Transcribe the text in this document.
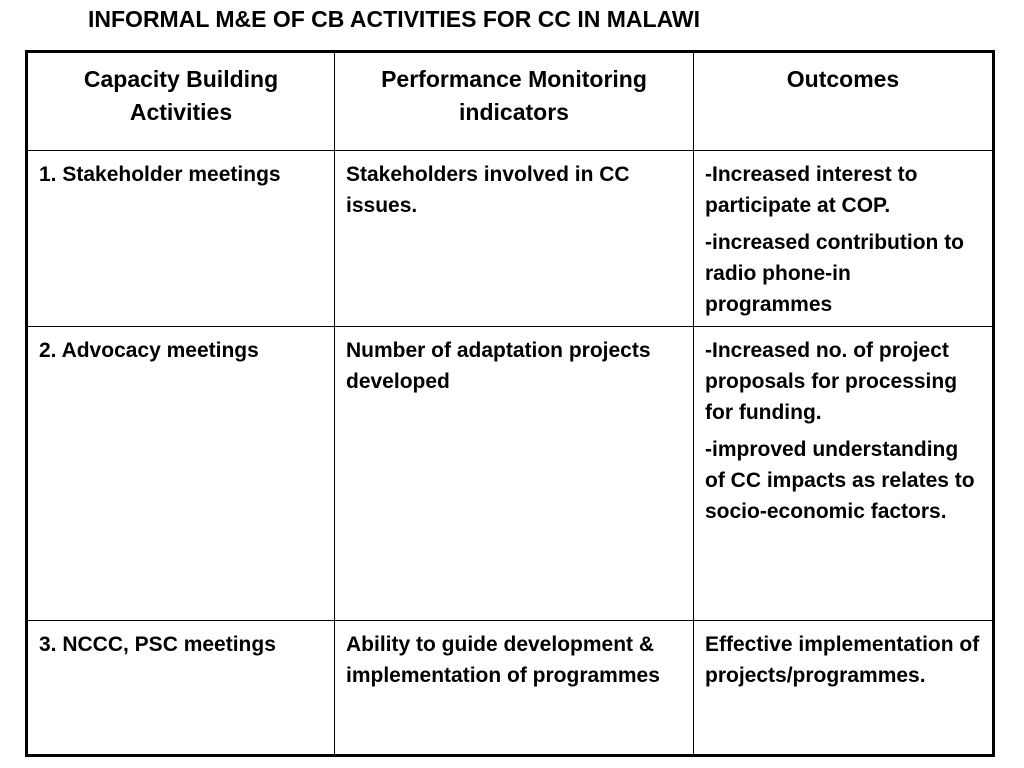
INFORMAL M&E OF CB ACTIVITIES FOR CC IN MALAWI
Capacity Building Activities	Performance Monitoring indicators	Outcomes
1. Stakeholder meetings	Stakeholders involved in CC issues.	-Increased interest to participate at COP.
-increased contribution to radio phone-in programmes

2. Advocacy meetings	Number of adaptation projects developed	-Increased no. of project proposals for processing for funding.
-improved understanding of CC impacts as relates to socio-economic factors.

3. NCCC, PSC meetings	Ability to guide development & implementation of programmes	Effective implementation of projects/programmes.
